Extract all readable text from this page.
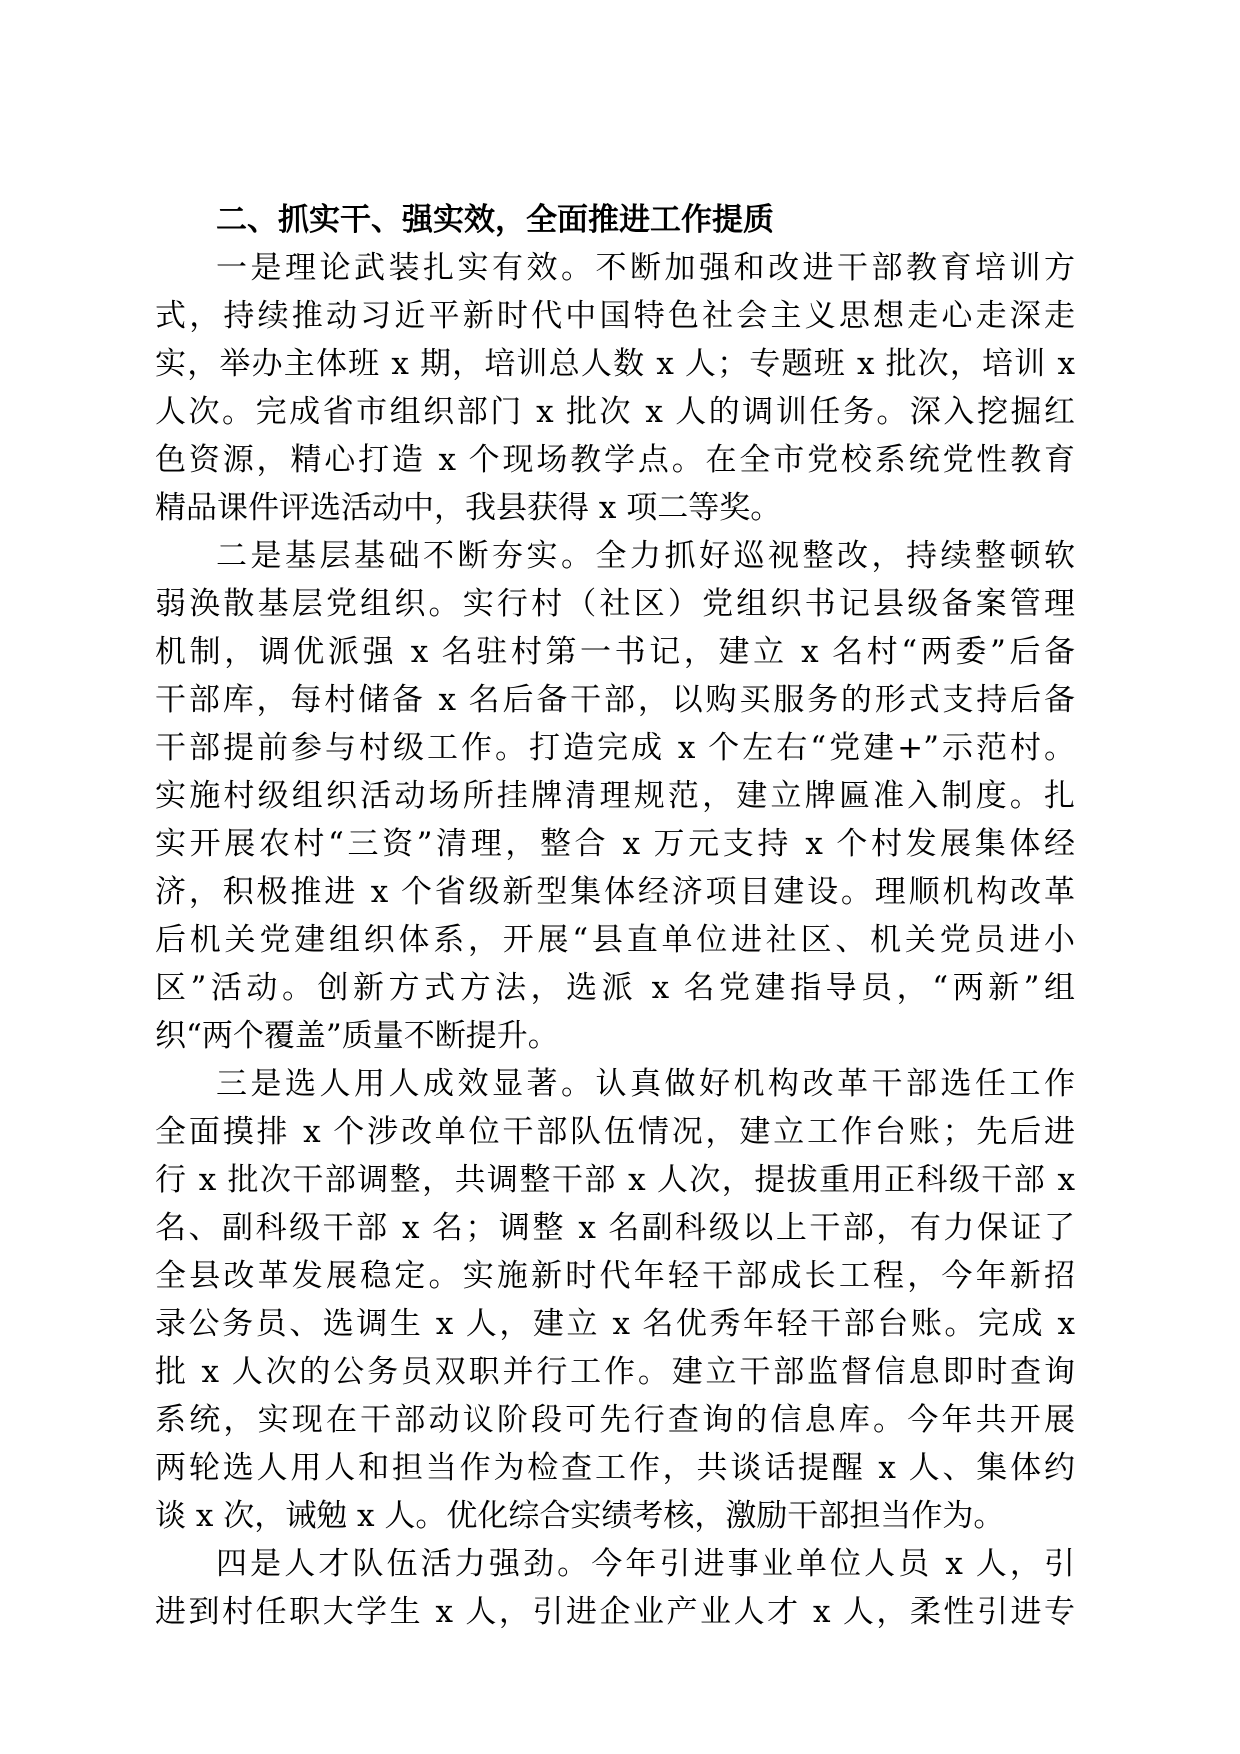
二、抓实干、强实效，全面推进工作提质
一是理论武装扎实有效。不断加强和改进干部教育培训方
式，持续推动习近平新时代中国特色社会主义思想走心走深走
实，举办主体班 x 期，培训总人数 x 人；专题班 x 批次，培训 x
人次。完成省市组织部门 x 批次 x 人的调训任务。深入挖掘红
色资源，精心打造 x 个现场教学点。在全市党校系统党性教育
精品课件评选活动中，我县获得 x 项二等奖。
二是基层基础不断夯实。全力抓好巡视整改，持续整顿软
弱涣散基层党组织。实行村（社区）党组织书记县级备案管理
机制，调优派强 x 名驻村第一书记，建立 x 名村“两委”后备
干部库，每村储备 x 名后备干部，以购买服务的形式支持后备
干部提前参与村级工作。打造完成 x 个左右“党建+”示范村。
实施村级组织活动场所挂牌清理规范，建立牌匾准入制度。扎
实开展农村“三资”清理，整合 x 万元支持 x 个村发展集体经
济，积极推进 x 个省级新型集体经济项目建设。理顺机构改革
后机关党建组织体系，开展“县直单位进社区、机关党员进小
区”活动。创新方式方法，选派 x 名党建指导员，“两新”组
织“两个覆盖”质量不断提升。
三是选人用人成效显著。认真做好机构改革干部选任工作
全面摸排 x 个涉改单位干部队伍情况，建立工作台账；先后进
行 x 批次干部调整，共调整干部 x 人次，提拔重用正科级干部 x
名、副科级干部 x 名；调整 x 名副科级以上干部，有力保证了
全县改革发展稳定。实施新时代年轻干部成长工程，今年新招
录公务员、选调生 x 人，建立 x 名优秀年轻干部台账。完成 x
批 x 人次的公务员双职并行工作。建立干部监督信息即时查询
系统，实现在干部动议阶段可先行查询的信息库。今年共开展
两轮选人用人和担当作为检查工作，共谈话提醒 x 人、集体约
谈 x 次，诫勉 x 人。优化综合实绩考核，激励干部担当作为。
四是人才队伍活力强劲。今年引进事业单位人员 x 人，引
进到村任职大学生 x 人，引进企业产业人才 x 人，柔性引进专
